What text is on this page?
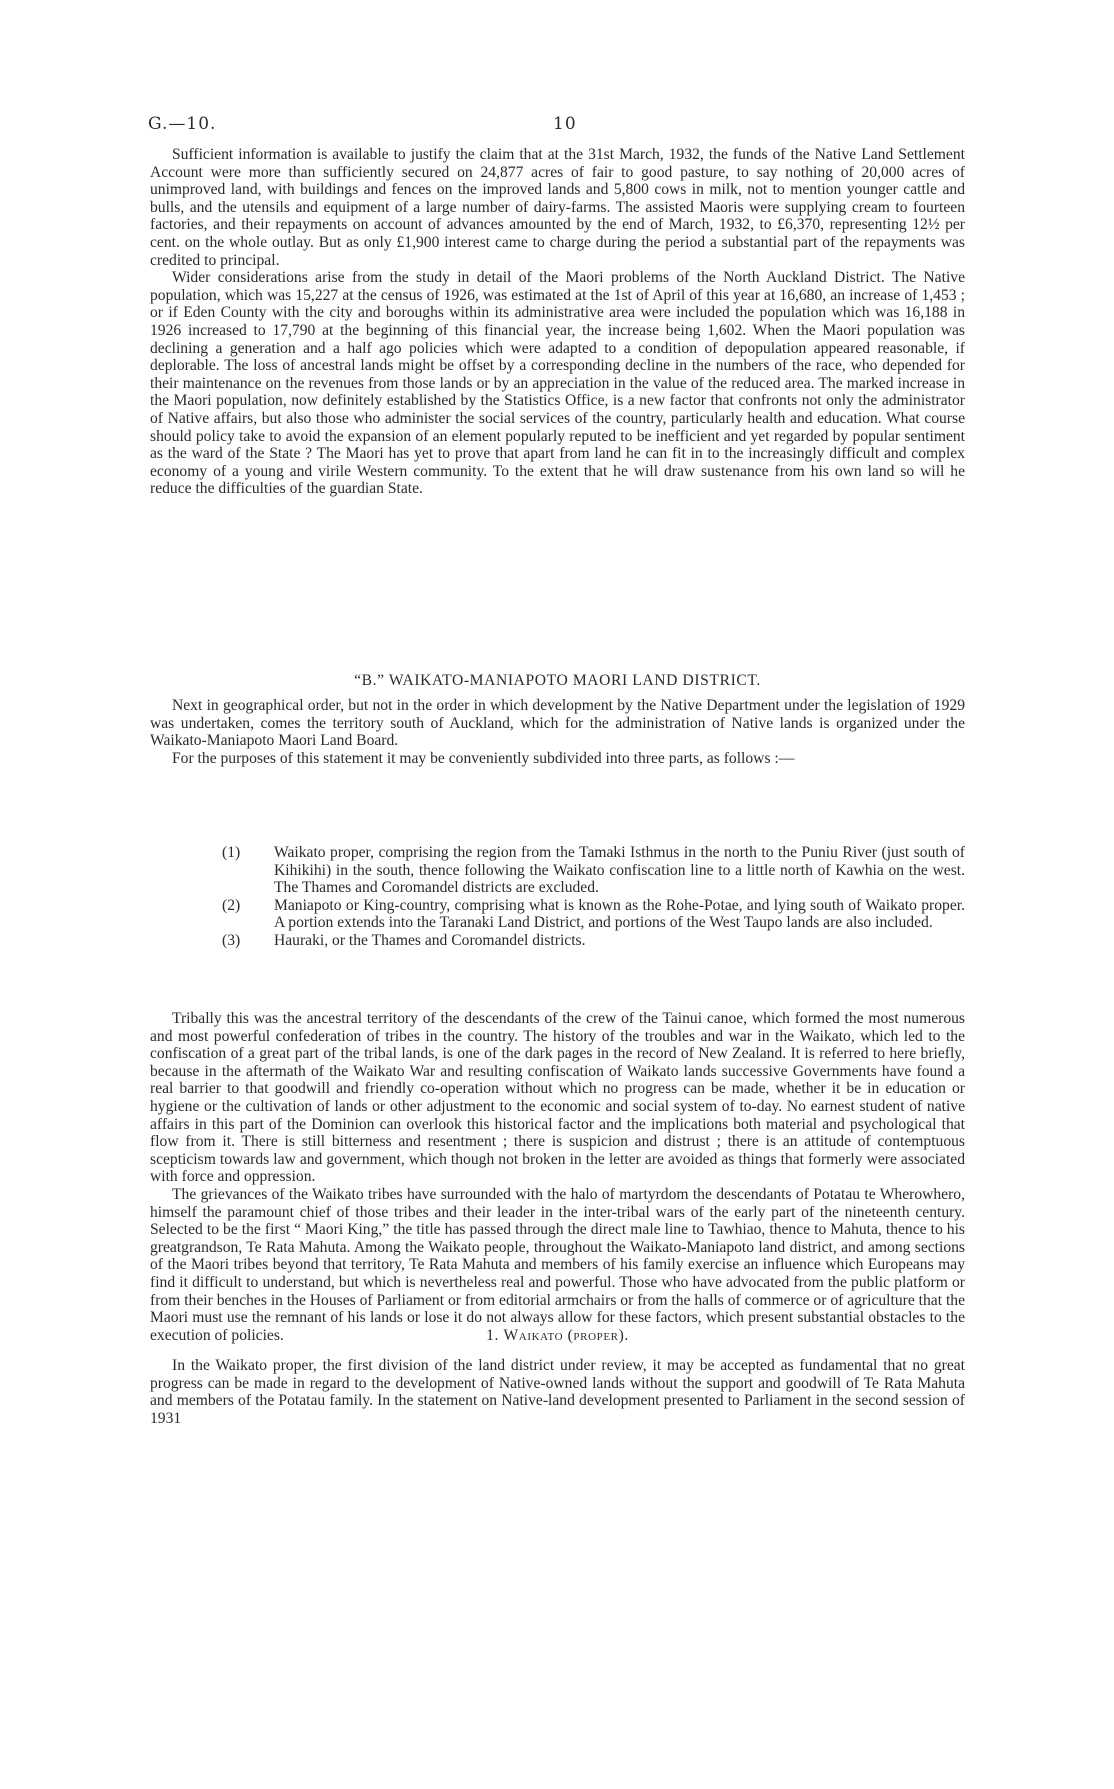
G.—10.	10

Sufficient information is available to justify the claim that at the 31st March, 1932, the funds of the Native Land Settlement Account were more than sufficiently secured on 24,877 acres of fair to good pasture, to say nothing of 20,000 acres of unimproved land, with buildings and fences on the improved lands and 5,800 cows in milk, not to mention younger cattle and bulls, and the utensils and equipment of a large number of dairy-farms. The assisted Maoris were supplying cream to fourteen factories, and their repayments on account of advances amounted by the end of March, 1932, to £6,370, representing 12½ per cent. on the whole outlay. But as only £1,900 interest came to charge during the period a substantial part of the repayments was credited to principal.

Wider considerations arise from the study in detail of the Maori problems of the North Auckland District. The Native population, which was 15,227 at the census of 1926, was estimated at the 1st of April of this year at 16,680, an increase of 1,453 ; or if Eden County with the city and boroughs within its administrative area were included the population which was 16,188 in 1926 increased to 17,790 at the beginning of this financial year, the increase being 1,602. When the Maori population was declining a generation and a half ago policies which were adapted to a condition of depopulation appeared reasonable, if deplorable. The loss of ancestral lands might be offset by a corresponding decline in the numbers of the race, who depended for their maintenance on the revenues from those lands or by an appreciation in the value of the reduced area. The marked increase in the Maori population, now definitely established by the Statistics Office, is a new factor that confronts not only the administrator of Native affairs, but also those who administer the social services of the country, particularly health and education. What course should policy take to avoid the expansion of an element popularly reputed to be inefficient and yet regarded by popular sentiment as the ward of the State ? The Maori has yet to prove that apart from land he can fit in to the increasingly difficult and complex economy of a young and virile Western community. To the extent that he will draw sustenance from his own land so will he reduce the difficulties of the guardian State.

“B.” WAIKATO-MANIAPOTO MAORI LAND DISTRICT.

Next in geographical order, but not in the order in which development by the Native Department under the legislation of 1929 was undertaken, comes the territory south of Auckland, which for the administration of Native lands is organized under the Waikato-Maniapoto Maori Land Board.

For the purposes of this statement it may be conveniently subdivided into three parts, as follows :—

(1) Waikato proper, comprising the region from the Tamaki Isthmus in the north to the Puniu River (just south of Kihikihi) in the south, thence following the Waikato confiscation line to a little north of Kawhia on the west. The Thames and Coromandel districts are excluded.
(2) Maniapoto or King-country, comprising what is known as the Rohe-Potae, and lying south of Waikato proper. A portion extends into the Taranaki Land District, and portions of the West Taupo lands are also included.
(3) Hauraki, or the Thames and Coromandel districts.

Tribally this was the ancestral territory of the descendants of the crew of the Tainui canoe, which formed the most numerous and most powerful confederation of tribes in the country. The history of the troubles and war in the Waikato, which led to the confiscation of a great part of the tribal lands, is one of the dark pages in the record of New Zealand. It is referred to here briefly, because in the aftermath of the Waikato War and resulting confiscation of Waikato lands successive Governments have found a real barrier to that goodwill and friendly co-operation without which no progress can be made, whether it be in education or hygiene or the cultivation of lands or other adjustment to the economic and social system of to-day. No earnest student of native affairs in this part of the Dominion can overlook this historical factor and the implications both material and psychological that flow from it. There is still bitterness and resentment ; there is suspicion and distrust ; there is an attitude of contemptuous scepticism towards law and government, which though not broken in the letter are avoided as things that formerly were associated with force and oppression.

The grievances of the Waikato tribes have surrounded with the halo of martyrdom the descendants of Potatau te Wherowhero, himself the paramount chief of those tribes and their leader in the inter-tribal wars of the early part of the nineteenth century. Selected to be the first “ Maori King,” the title has passed through the direct male line to Tawhiao, thence to Mahuta, thence to his greatgrandson, Te Rata Mahuta. Among the Waikato people, throughout the Waikato-Maniapoto land district, and among sections of the Maori tribes beyond that territory, Te Rata Mahuta and members of his family exercise an influence which Europeans may find it difficult to understand, but which is nevertheless real and powerful. Those who have advocated from the public platform or from their benches in the Houses of Parliament or from editorial armchairs or from the halls of commerce or of agriculture that the Maori must use the remnant of his lands or lose it do not always allow for these factors, which present substantial obstacles to the execution of policies.	1. Waikato (proper).

In the Waikato proper, the first division of the land district under review, it may be accepted as fundamental that no great progress can be made in regard to the development of Native-owned lands without the support and goodwill of Te Rata Mahuta and members of the Potatau family. In the statement on Native-land development presented to Parliament in the second session of 1931
